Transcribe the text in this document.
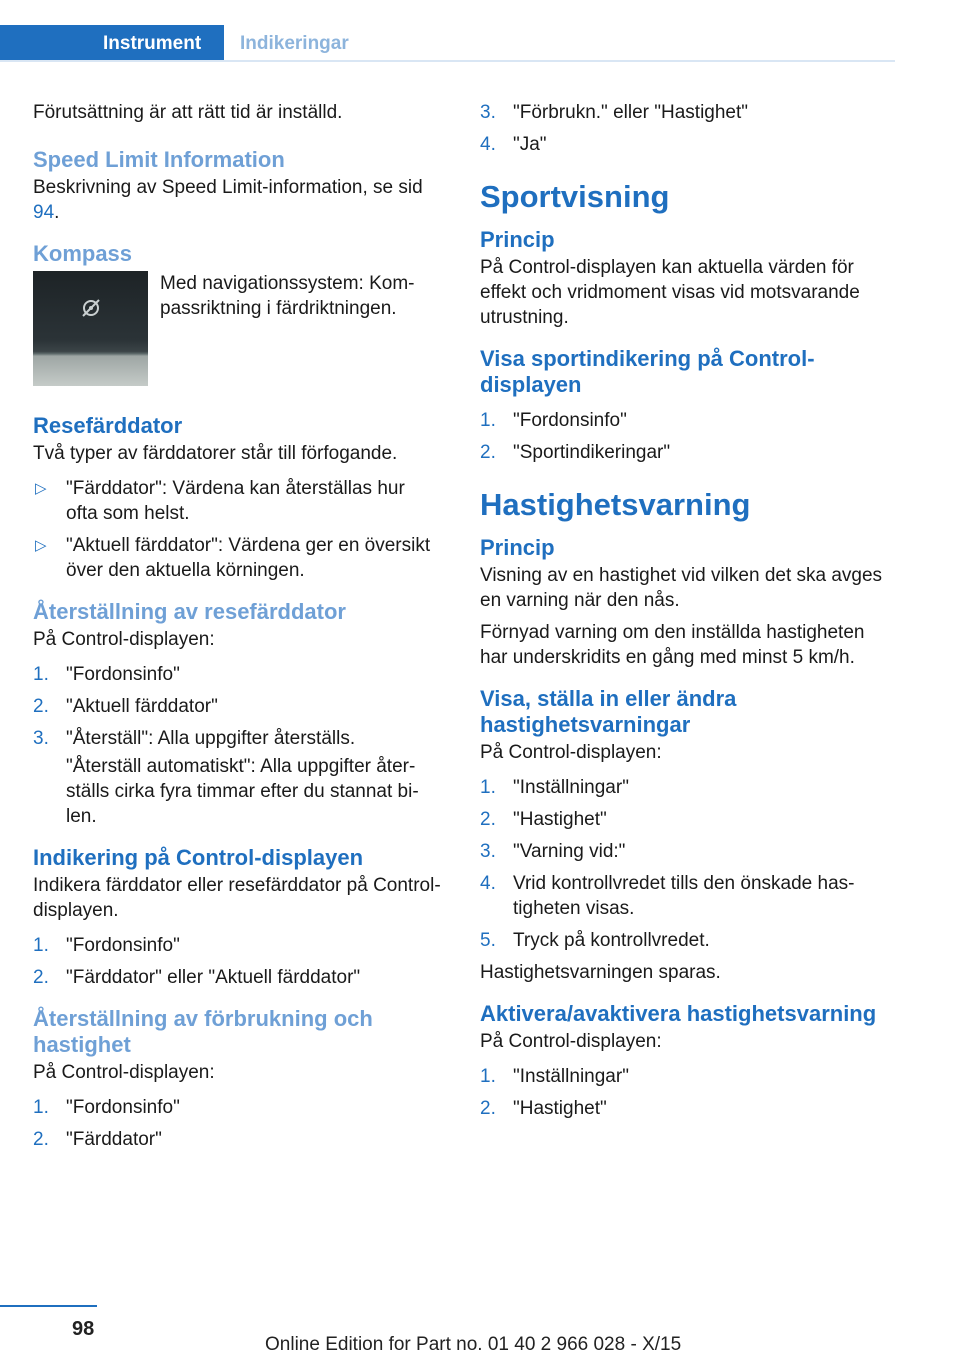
Instrument	Indikeringar

Förutsättning är att rätt tid är inställd.

Speed Limit Information

Beskrivning av Speed Limit-information, se sid 94.

Kompass
Med navigationssystem: Kompassriktning i färdriktningen.
Resefärddator

Två typer av färddatorer står till förfogande.

▷ "Färddator": Värdena kan återställas hur ofta som helst.
▷ "Aktuell färddator": Värdena ger en översikt över den aktuella körningen.
Återställning av resefärddator

På Control-displayen:

1. "Fordonsinfo"
2. "Aktuell färddator"
3. "Återställ": Alla uppgifter återställs.

"Återställ automatiskt": Alla uppgifter återställs cirka fyra timmar efter du stannat bilen.

Indikering på Control-displayen

Indikera färddator eller resefärddator på Control-displayen.

1. "Fordonsinfo"
2. "Färddator" eller "Aktuell färddator"
Återställning av förbrukning och hastighet

På Control-displayen:

1. "Fordonsinfo"
2. "Färddator"
3. "Förbrukn." eller "Hastighet"
4. "Ja"
Sportvisning
Princip

På Control-displayen kan aktuella värden för effekt och vridmoment visas vid motsvarande utrustning.

Visa sportindikering på Controldisplayen
1. "Fordonsinfo"
2. "Sportindikeringar"
Hastighetsvarning
Princip

Visning av en hastighet vid vilken det ska avges en varning när den nås.

Förnyad varning om den inställda hastigheten har underskridits en gång med minst 5 km/h.

Visa, ställa in eller ändra hastighetsvarningar

På Control-displayen:

1. "Inställningar"
2. "Hastighet"
3. "Varning vid:"
4. Vrid kontrollvredet tills den önskade hastigheten visas.
5. Tryck på kontrollvredet.

Hastighetsvarningen sparas.

Aktivera/avaktivera hastighetsvarning

På Control-displayen:

1. "Inställningar"
2. "Hastighet"
98
Online Edition for Part no. 01 40 2 966 028 - X/15
